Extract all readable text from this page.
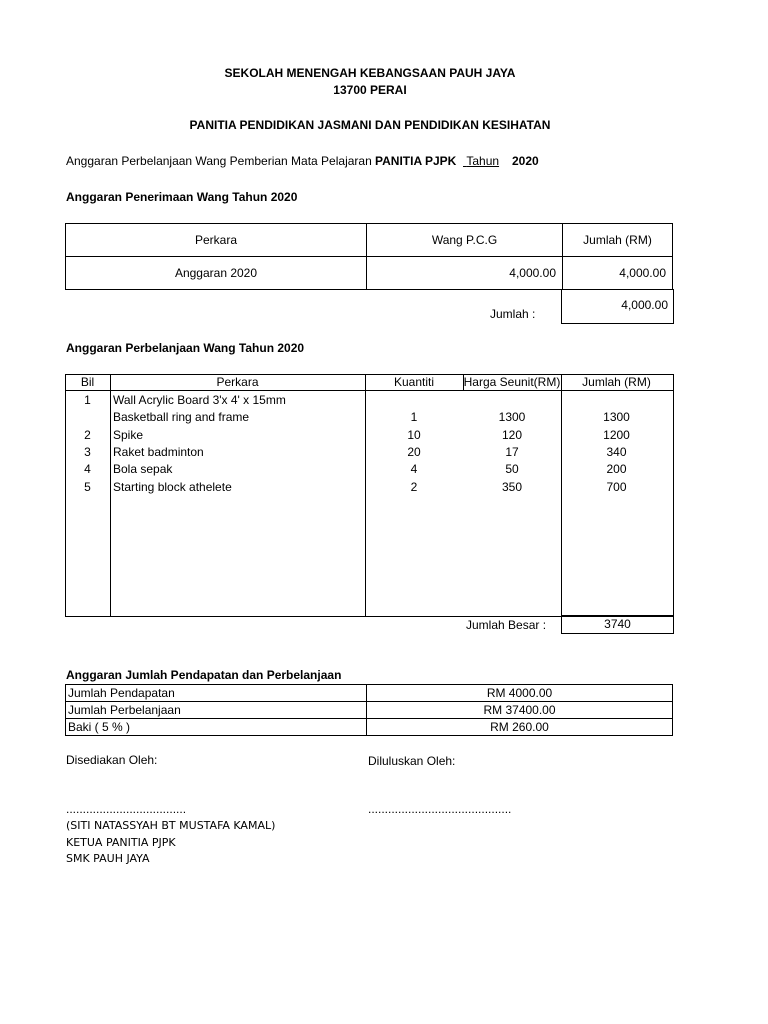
SEKOLAH MENENGAH KEBANGSAAN PAUH JAYA
13700 PERAI
PANITIA PENDIDIKAN JASMANI DAN PENDIDIKAN KESIHATAN
Anggaran Perbelanjaan Wang Pemberian Mata Pelajaran PANITIA PJPK Tahun 2020
Anggaran Penerimaan Wang Tahun 2020
Perkara	Wang P.C.G	Jumlah (RM)
Anggaran 2020	4,000.00	4,000.00
Jumlah :
4,000.00
Anggaran Perbelanjaan Wang Tahun 2020
Bil	Perkara	Kuantiti	Harga Seunit(RM)	Jumlah (RM)
1	Wall Acrylic Board 3'x 4' x 15mm
Basketball ring and frame	1	1300	1300
2	Spike	10	120	1200
3	Raket badminton	20	17	340
4	Bola sepak	4	50	200
5	Starting block athelete	2	350	700
Jumlah Besar :	3740
Anggaran Jumlah Pendapatan dan Perbelanjaan
Jumlah Pendapatan	RM 4000.00
Jumlah Perbelanjaan	RM 37400.00
Baki ( 5 % )	RM 260.00
Disediakan Oleh:	Diluluskan Oleh:
....................................	...........................................
(SITI NATASSYAH BT MUSTAFA KAMAL)
KETUA PANITIA PJPK
SMK PAUH JAYA
